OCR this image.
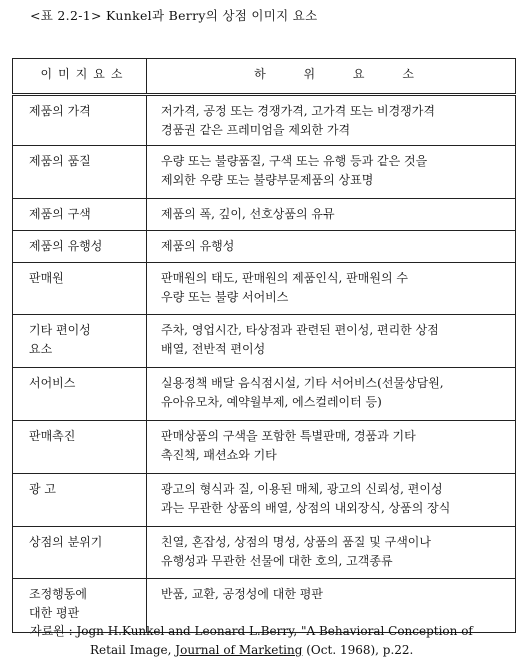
<표 2.2-1> Kunkel과 Berry의 상점 이미지 요소
이미지요소	하 위 요 소
제품의 가격	저가격, 공정 또는 경쟁가격, 고가격 또는 비경쟁가격
경품권 같은 프레미엄을 제외한 가격
제품의 품질	우량 또는 불량품질, 구색 또는 유행 등과 같은 것을
제외한 우량 또는 불량부문제품의 상표명
제품의 구색	제품의 폭, 깊이, 선호상품의 유뮤
제품의 유행성	제품의 유행성
판매원	판매원의 태도, 판매원의 제품인식, 판매원의 수
우량 또는 불량 서어비스
기타 편이성
요소	주차, 영업시간, 타상점과 관련된 편이성, 편리한 상점
배열, 전반적 편이성
서어비스	실용정책 배달 음식점시설, 기타 서어비스(선물상담원,
유아유모차, 예약월부제, 에스컬레이터 등)
판매촉진	판매상품의 구색을 포함한 특별판매, 경품과 기타
촉진책, 패션쇼와 기타
광 고	광고의 형식과 질, 이용된 매체, 광고의 신뢰성, 편이성
과는 무관한 상품의 배열, 상점의 내외장식, 상품의 장식
상점의 분위기	친열, 혼잡성, 상점의 명성, 상품의 품질 및 구색이나
유행성과 무관한 선물에 대한 호의, 고객종류
조정행동에
대한 평판	반품, 교환, 공정성에 대한 평판
자료원 : Jogn H.Kunkel and Leonard L.Berry, "A Behavioral Conception of
Retail Image, Journal of Marketing (Oct. 1968), p.22.
